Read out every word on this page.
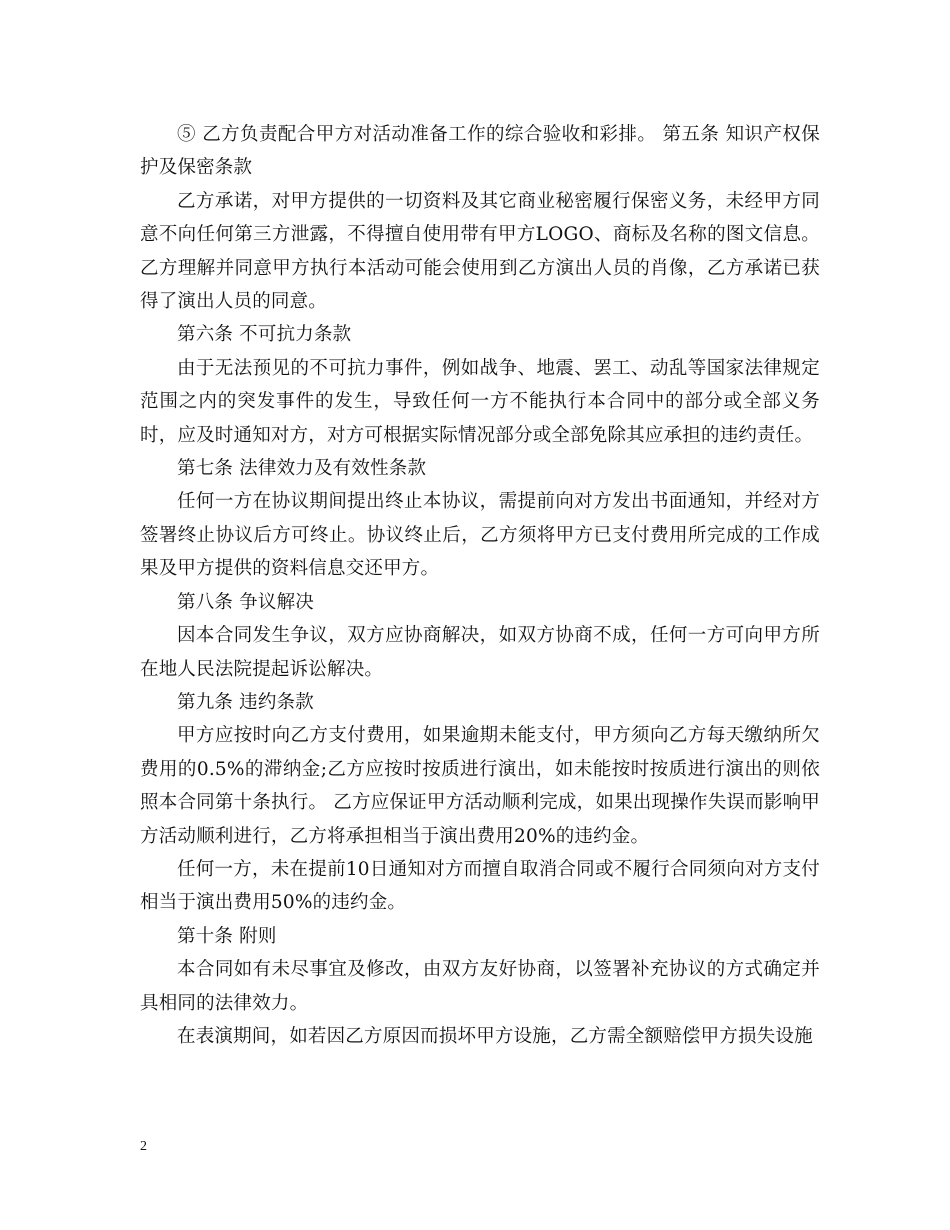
⑤ 乙方负责配合甲方对活动准备工作的综合验收和彩排。 第五条 知识产权保护及保密条款

乙方承诺，对甲方提供的一切资料及其它商业秘密履行保密义务，未经甲方同意不向任何第三方泄露，不得擅自使用带有甲方LOGO、商标及名称的图文信息。乙方理解并同意甲方执行本活动可能会使用到乙方演出人员的肖像，乙方承诺已获得了演出人员的同意。

第六条 不可抗力条款

由于无法预见的不可抗力事件，例如战争、地震、罢工、动乱等国家法律规定范围之内的突发事件的发生，导致任何一方不能执行本合同中的部分或全部义务时，应及时通知对方，对方可根据实际情况部分或全部免除其应承担的违约责任。

第七条 法律效力及有效性条款

任何一方在协议期间提出终止本协议，需提前向对方发出书面通知，并经对方签署终止协议后方可终止。协议终止后，乙方须将甲方已支付费用所完成的工作成果及甲方提供的资料信息交还甲方。

第八条 争议解决

因本合同发生争议，双方应协商解决，如双方协商不成，任何一方可向甲方所在地人民法院提起诉讼解决。

第九条 违约条款

甲方应按时向乙方支付费用，如果逾期未能支付，甲方须向乙方每天缴纳所欠费用的0.5%的滞纳金;乙方应按时按质进行演出，如未能按时按质进行演出的则依照本合同第十条执行。 乙方应保证甲方活动顺利完成，如果出现操作失误而影响甲方活动顺利进行，乙方将承担相当于演出费用20%的违约金。

任何一方，未在提前10日通知对方而擅自取消合同或不履行合同须向对方支付相当于演出费用50%的违约金。

第十条 附则

本合同如有未尽事宜及修改，由双方友好协商，以签署补充协议的方式确定并具相同的法律效力。

在表演期间，如若因乙方原因而损坏甲方设施，乙方需全额赔偿甲方损失设施

2
